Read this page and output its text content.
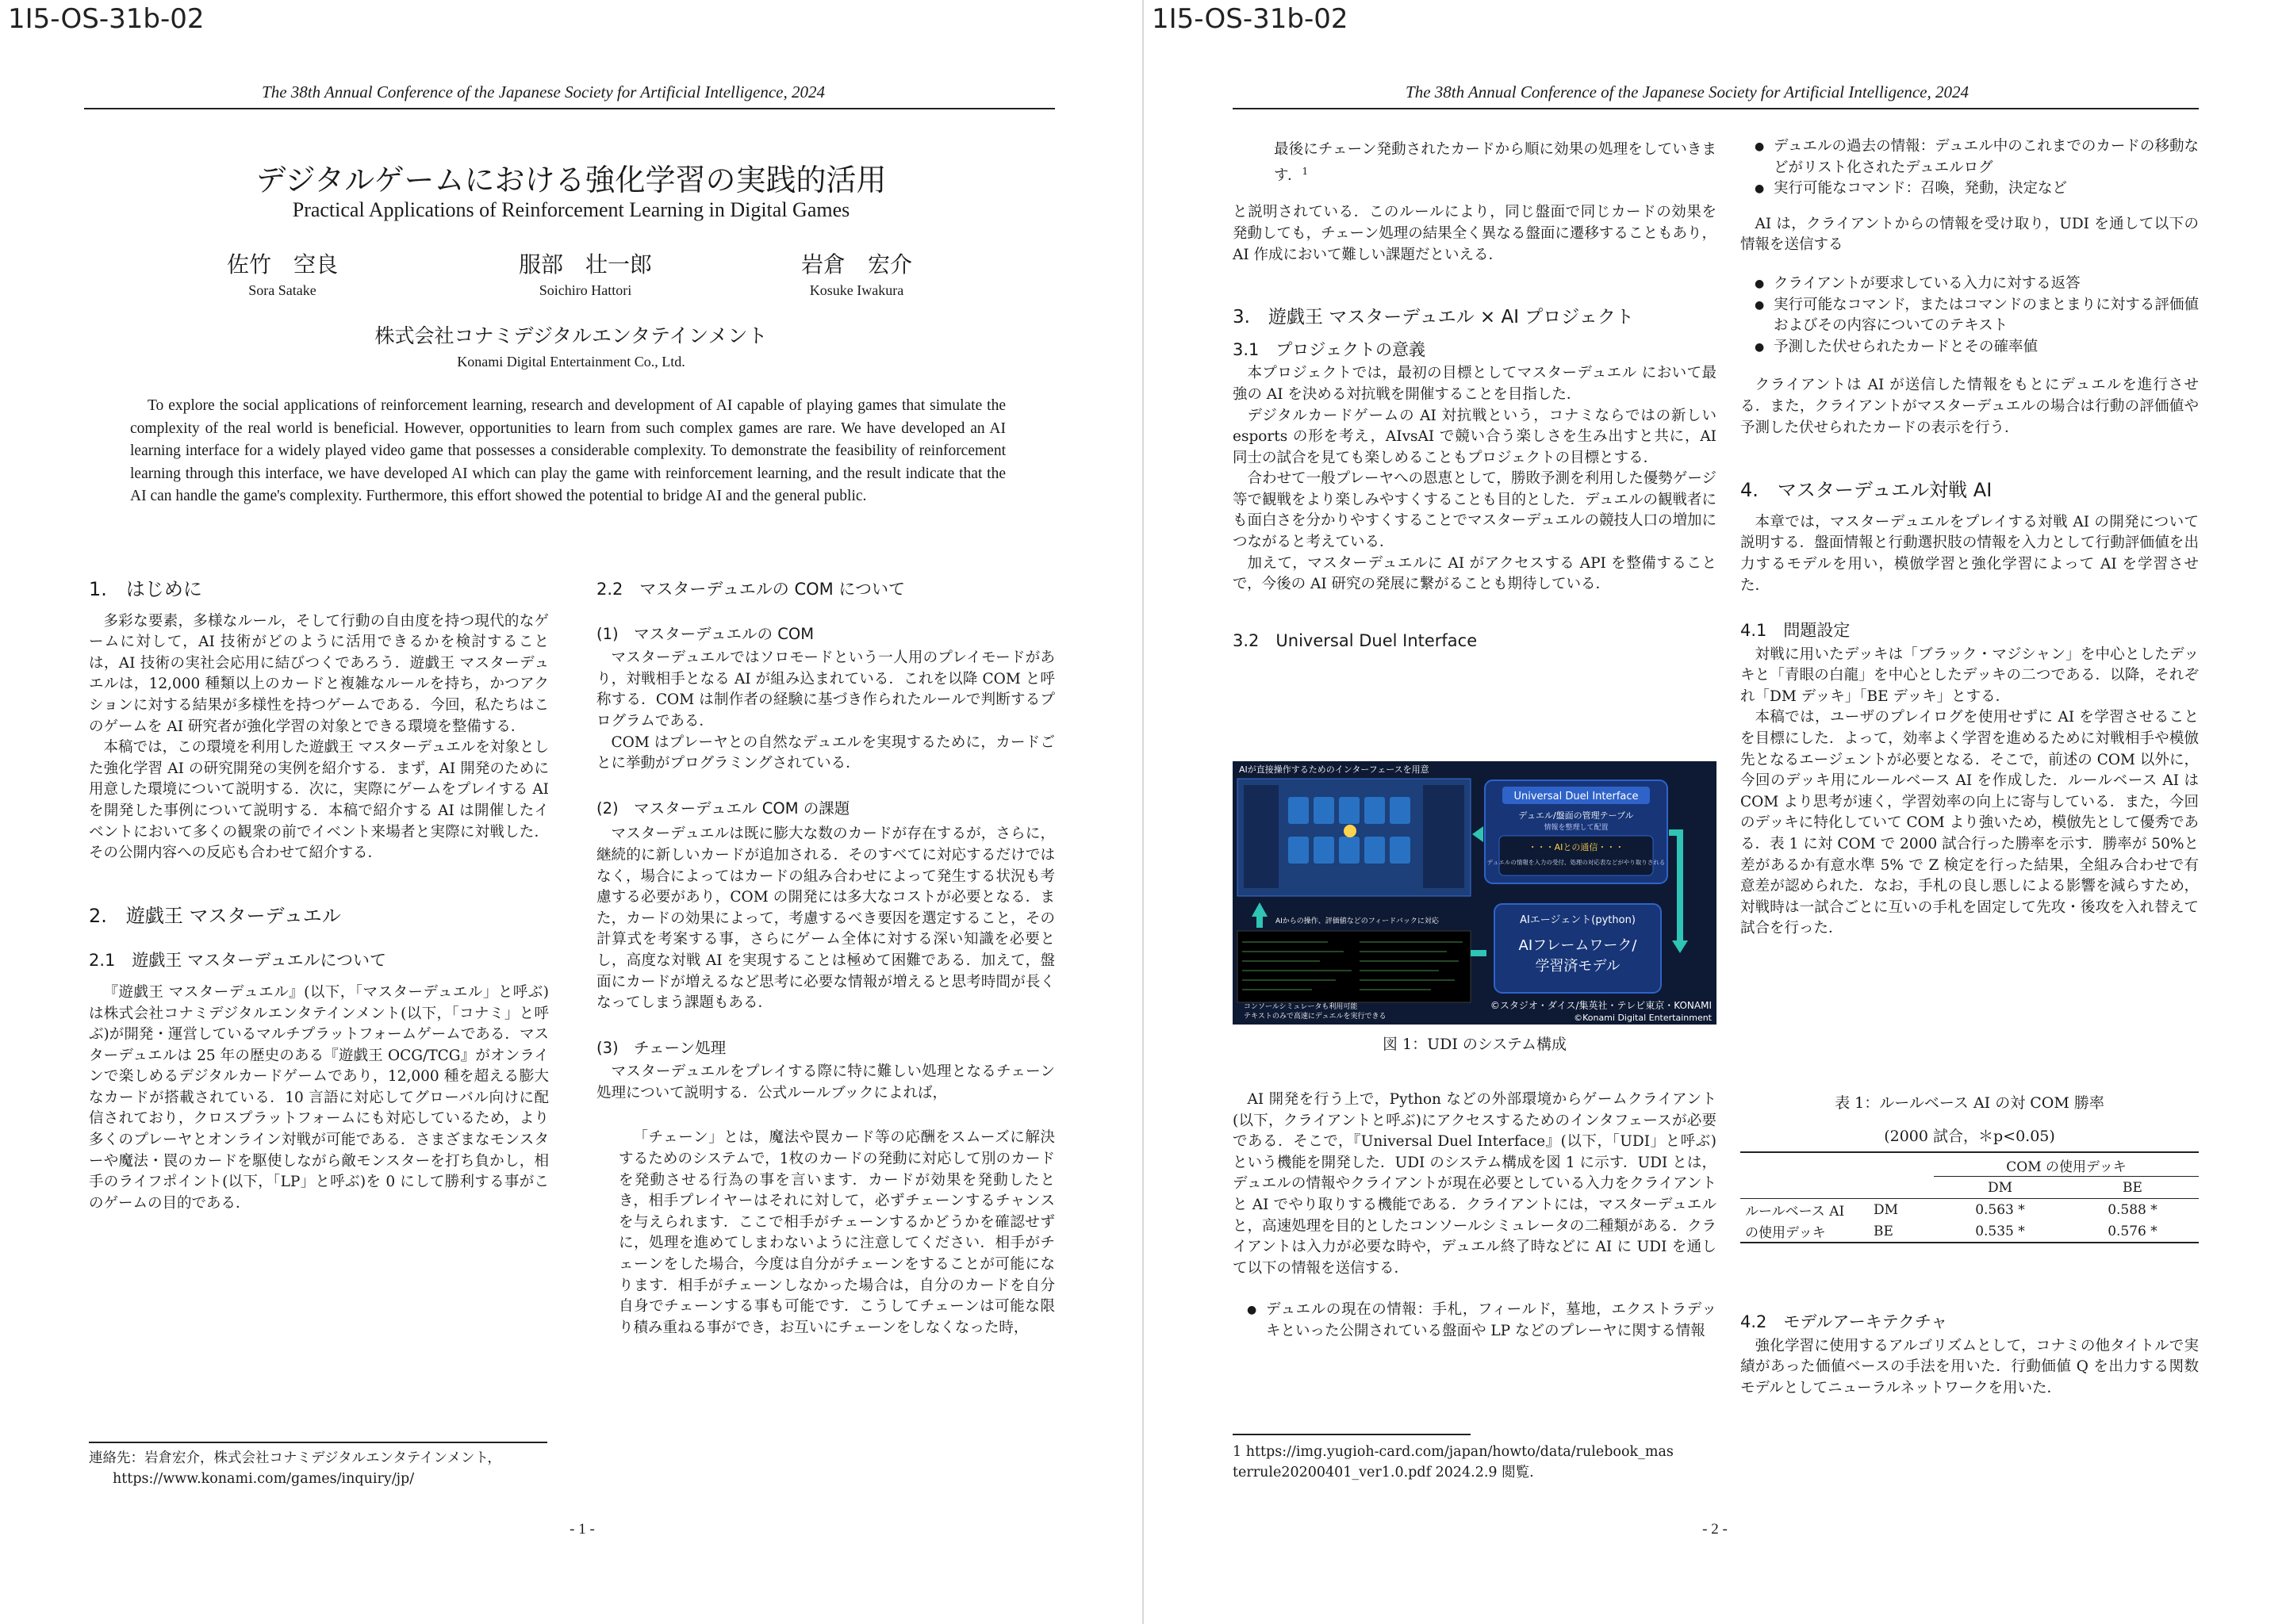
1I5-OS-31b-02
The 38th Annual Conference of the Japanese Society for Artificial Intelligence, 2024
デジタルゲームにおける強化学習の実践的活用
Practical Applications of Reinforcement Learning in Digital Games
佐竹　空良
Sora Satake
服部　壮一郎
Soichiro Hattori
岩倉　宏介
Kosuke Iwakura
株式会社コナミデジタルエンタテインメント
Konami Digital Entertainment Co., Ltd.
To explore the social applications of reinforcement learning, research and development of AI capable of playing games that simulate the complexity of the real world is beneficial. However, opportunities to learn from such complex games are rare. We have developed an AI learning interface for a widely played video game that possesses a considerable complexity. To demonstrate the feasibility of reinforcement learning through this interface, we have developed AI which can play the game with reinforcement learning, and the result indicate that the AI can handle the game's complexity. Furthermore, this effort showed the potential to bridge AI and the general public.
1.　はじめに

多彩な要素，多様なルール，そして行動の自由度を持つ現代的なゲームに対して，AI 技術がどのように活用できるかを検討することは，AI 技術の実社会応用に結びつくであろう．遊戯王 マスターデュエルは，12,000 種類以上のカードと複雑なルールを持ち，かつアクションに対する結果が多様性を持つゲームである．今回，私たちはこのゲームを AI 研究者が強化学習の対象とできる環境を整備する．

本稿では，この環境を利用した遊戯王 マスターデュエルを対象とした強化学習 AI の研究開発の実例を紹介する．まず，AI 開発のために用意した環境について説明する．次に，実際にゲームをプレイする AI を開発した事例について説明する．本稿で紹介する AI は開催したイベントにおいて多くの観衆の前でイベント来場者と実際に対戦した．その公開内容への反応も合わせて紹介する．

2.　遊戯王 マスターデュエル
2.1　遊戯王 マスターデュエルについて

『遊戯王 マスターデュエル』(以下，「マスターデュエル」と呼ぶ)は株式会社コナミデジタルエンタテインメント(以下，「コナミ」と呼ぶ)が開発・運営しているマルチプラットフォームゲームである．マスターデュエルは 25 年の歴史のある『遊戯王 OCG/TCG』がオンラインで楽しめるデジタルカードゲームであり，12,000 種を超える膨大なカードが搭載されている．10 言語に対応してグローバル向けに配信されており，クロスプラットフォームにも対応しているため，より多くのプレーヤとオンライン対戦が可能である．さまざまなモンスターや魔法・罠のカードを駆使しながら敵モンスターを打ち負かし，相手のライフポイント(以下，「LP」と呼ぶ)を 0 にして勝利する事がこのゲームの目的である．

連絡先：岩倉宏介，株式会社コナミデジタルエンタテインメント，
https://www.konami.com/games/inquiry/jp/
2.2　マスターデュエルの COM について
(1)　マスターデュエルの COM

マスターデュエルではソロモードという一人用のプレイモードがあり，対戦相手となる AI が組み込まれている．これを以降 COM と呼称する．COM は制作者の経験に基づき作られたルールで判断するプログラムである．

COM はプレーヤとの自然なデュエルを実現するために，カードごとに挙動がプログラミングされている．

(2)　マスターデュエル COM の課題

マスターデュエルは既に膨大な数のカードが存在するが，さらに，継続的に新しいカードが追加される．そのすべてに対応するだけではなく，場合によってはカードの組み合わせによって発生する状況も考慮する必要があり，COM の開発には多大なコストが必要となる．また，カードの効果によって，考慮するべき要因を選定すること，その計算式を考案する事，さらにゲーム全体に対する深い知識を必要とし，高度な対戦 AI を実現することは極めて困難である．加えて，盤面にカードが増えるなど思考に必要な情報が増えると思考時間が長くなってしまう課題もある．

(3)　チェーン処理

マスターデュエルをプレイする際に特に難しい処理となるチェーン処理について説明する．公式ルールブックによれば，

「チェーン」とは，魔法や罠カード等の応酬をスムーズに解決するためのシステムで，1枚のカードの発動に対応して別のカードを発動させる行為の事を言います．カードが効果を発動したとき，相手プレイヤーはそれに対して，必ずチェーンするチャンスを与えられます．ここで相手がチェーンするかどうかを確認せずに，処理を進めてしまわないように注意してください．相手がチェーンをした場合，今度は自分がチェーンをすることが可能になります．相手がチェーンしなかった場合は，自分のカードを自分自身でチェーンする事も可能です．こうしてチェーンは可能な限り積み重ねる事ができ，お互いにチェーンをしなくなった時，

- 1 -
1I5-OS-31b-02
The 38th Annual Conference of the Japanese Society for Artificial Intelligence, 2024

最後にチェーン発動されたカードから順に効果の処理をしていきます．$^1$

と説明されている．このルールにより，同じ盤面で同じカードの効果を発動しても，チェーン処理の結果全く異なる盤面に遷移することもあり，AI 作成において難しい課題だといえる．

3.　遊戯王 マスターデュエル × AI プロジェクト
3.1　プロジェクトの意義

本プロジェクトでは，最初の目標としてマスターデュエル において最強の AI を決める対抗戦を開催することを目指した．

デジタルカードゲームの AI 対抗戦という，コナミならではの新しい esports の形を考え，AIvsAI で競い合う楽しさを生み出すと共に，AI 同士の試合を見ても楽しめることもプロジェクトの目標とする．

合わせて一般プレーヤへの恩恵として，勝敗予測を利用した優勢ゲージ等で観戦をより楽しみやすくすることも目的とした．デュエルの観戦者にも面白さを分かりやすくすることでマスターデュエルの競技人口の増加につながると考えている．

加えて，マスターデュエルに AI がアクセスする API を整備することで，今後の AI 研究の発展に繋がることも期待している．

3.2　Universal Duel Interface
AIが直接操作するためのインターフェースを用意
AIからの操作、評価値などのフィードバックに対応
コンソールシミュレータも利用可能
テキストのみで高速にデュエルを実行できる
Universal Duel Interface
デュエル/盤面の管理テーブル
情報を整理して配置
・・・AIとの通信・・・
デュエルの情報を入力の受付、処理の対応表などがやり取りされる
AIエージェント(python)
AIフレームワーク/
学習済モデル
©スタジオ・ダイス/集英社・テレビ東京・KONAMI
©Konami Digital Entertainment
図 1：UDI のシステム構成

AI 開発を行う上で，Python などの外部環境からゲームクライアント(以下，クライアントと呼ぶ)にアクセスするためのインタフェースが必要である．そこで，『Universal Duel Interface』(以下，「UDI」と呼ぶ) という機能を開発した．UDI のシステム構成を図 1 に示す．UDI とは，デュエルの情報やクライアントが現在必要としている入力をクライアントと AI でやり取りする機能である．クライアントには，マスターデュエルと，高速処理を目的としたコンソールシミュレータの二種類がある．クライアントは入力が必要な時や，デュエル終了時などに AI に UDI を通して以下の情報を送信する．

● デュエルの現在の情報：手札，フィールド，墓地，エクストラデッキといった公開されている盤面や LP などのプレーヤに関する情報
1 https://img.yugioh-card.com/japan/howto/data/rulebook_masterrule20200401_ver1.0.pdf 2024.2.9 閲覧.
● デュエルの過去の情報：デュエル中のこれまでのカードの移動などがリスト化されたデュエルログ
● 実行可能なコマンド：召喚，発動，決定など

AI は，クライアントからの情報を受け取り，UDI を通して以下の情報を送信する

● クライアントが要求している入力に対する返答
● 実行可能なコマンド，またはコマンドのまとまりに対する評価値およびその内容についてのテキスト
● 予測した伏せられたカードとその確率値

クライアントは AI が送信した情報をもとにデュエルを進行させる．また，クライアントがマスターデュエルの場合は行動の評価値や予測した伏せられたカードの表示を行う．

4.　マスターデュエル対戦 AI

本章では，マスターデュエルをプレイする対戦 AI の開発について説明する．盤面情報と行動選択肢の情報を入力として行動評価値を出力するモデルを用い，模倣学習と強化学習によって AI を学習させた．

4.1　問題設定

対戦に用いたデッキは「ブラック・マジシャン」を中心としたデッキと「青眼の白龍」を中心としたデッキの二つである．以降，それぞれ「DM デッキ」「BE デッキ」とする．

本稿では，ユーザのプレイログを使用せずに AI を学習させることを目標にした．よって，効率よく学習を進めるために対戦相手や模倣先となるエージェントが必要となる．そこで，前述の COM 以外に，今回のデッキ用にルールベース AI を作成した．ルールベース AI は COM より思考が速く，学習効率の向上に寄与している．また，今回のデッキに特化していて COM より強いため，模倣先として優秀である．表 1 に対 COM で 2000 試合行った勝率を示す．勝率が 50%と差があるか有意水準 5% で Z 検定を行った結果，全組み合わせで有意差が認められた．なお，手札の良し悪しによる影響を減らすため，対戦時は一試合ごとに互いの手札を固定して先攻・後攻を入れ替えて試合を行った．

表 1：ルールベース AI の対 COM 勝率
(2000 試合，＊p<0.05)
		COM の使用デッキ	
		DM	BE
ルールベース AI	DM	0.563 *	0.588 *
の使用デッキ	BE	0.535 *	0.576 *
4.2　モデルアーキテクチャ

強化学習に使用するアルゴリズムとして，コナミの他タイトルで実績があった価値ベースの手法を用いた．行動価値 Q を出力する関数モデルとしてニューラルネットワークを用いた．

- 2 -
